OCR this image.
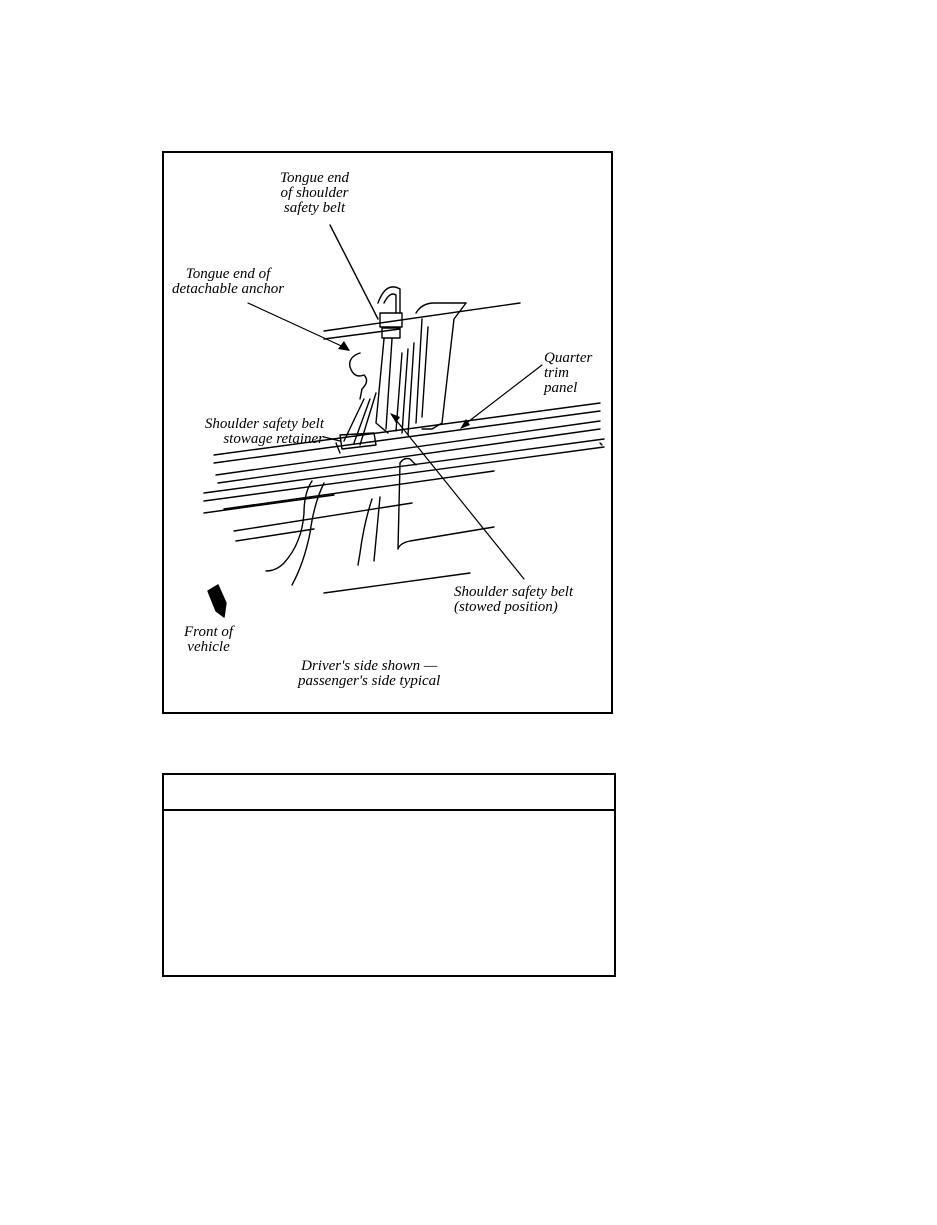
Tongue end
of shoulder
safety belt
Tongue end of
detachable anchor
Quarter
trim
panel
Shoulder safety belt
stowage retainer
Shoulder safety belt
(stowed position)
Front of
vehicle
Driver's side shown —
passenger's side typical
